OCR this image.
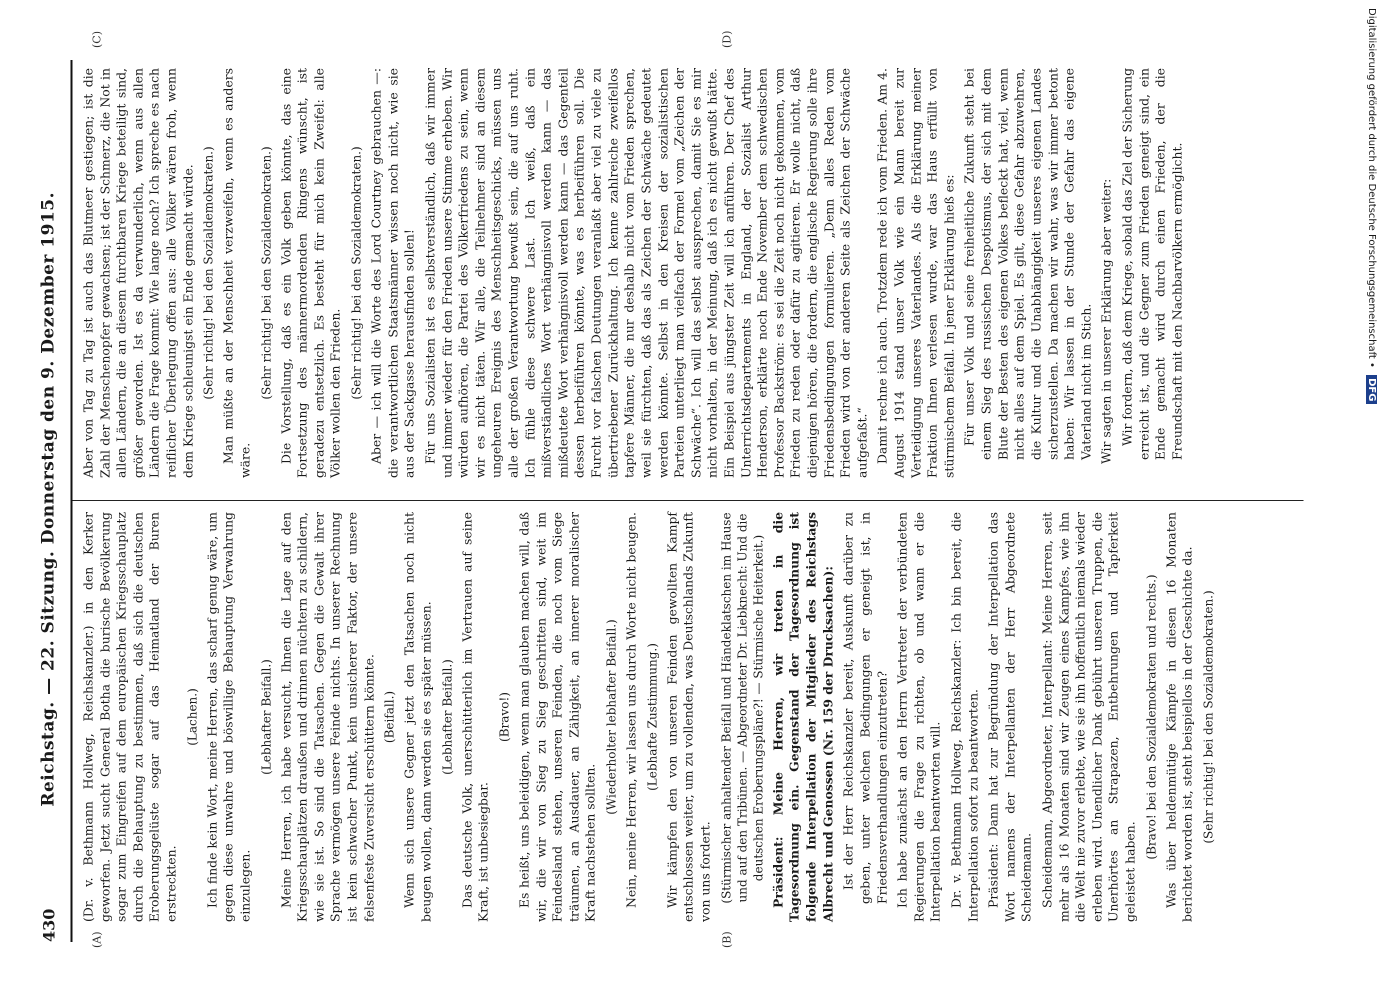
430
Reichstag. — 22. Sitzung. Donnerstag den 9. Dezember 1915.
(A)	(B)
(C)	(D)

(Dr. v. Bethmann Hollweg, Reichskanzler.) in den Kerker geworfen. Jetzt sucht General Botha die burische Bevölkerung sogar zum Eingreifen auf dem europäischen Kriegsschauplatz durch die Behauptung zu bestimmen, daß sich die deutschen Eroberungsgelüste sogar auf das Heimatland der Buren erstreckten.

(Lachen.) Ich finde kein Wort, meine Herren, das scharf genug wäre, um gegen diese unwahre und böswillige Behauptung Verwahrung einzulegen.

(Lebhafter Beifall.) Meine Herren, ich habe versucht, Ihnen die Lage auf den Kriegsschauplätzen draußen und drinnen nüchtern zu schildern, wie sie ist. So sind die Tatsachen. Gegen die Gewalt ihrer Sprache vermögen unsere Feinde nichts. In unserer Rechnung ist kein schwacher Punkt, kein unsicherer Faktor, der unsere felsenfeste Zuversicht erschüttern könnte. (Beifall.) Wenn sich unsere Gegner jetzt den Tatsachen noch nicht beugen wollen, dann werden sie es später müssen. (Lebhafter Beifall.) Das deutsche Volk, unerschütterlich im Vertrauen auf seine Kraft, ist unbesiegbar.

(Bravo!) Es heißt, uns beleidigen, wenn man glauben machen will, daß wir, die wir von Sieg zu Sieg geschritten sind, weit im Feindesland stehen, unseren Feinden, die noch vom Siege träumen, an Ausdauer, an Zähigkeit, an innerer moralischer Kraft nachstehen sollten.

(Wiederholter lebhafter Beifall.) Nein, meine Herren, wir lassen uns durch Worte nicht beugen. (Lebhafte Zustimmung.) Wir kämpfen den von unseren Feinden gewollten Kampf entschlossen weiter, um zu vollenden, was Deutschlands Zukunft von uns fordert. (Stürmischer anhaltender Beifall und Händeklatschen im Hause und auf den Tribünen. — Abgeordneter Dr. Liebknecht: Und die deutschen Eroberungspläne?! — Stürmische Heiterkeit.) Präsident: Meine Herren, wir treten in die Tagesordnung ein. Gegenstand der Tagesordnung ist folgende Interpellation der Mitglieder des Reichstags Albrecht und Genossen (Nr. 159 der Drucksachen): Ist der Herr Reichskanzler bereit, Auskunft darüber zu geben, unter welchen Bedingungen er geneigt ist, in Friedensverhandlungen einzutreten? Ich habe zunächst an den Herrn Vertreter der verbündeten Regierungen die Frage zu richten, ob und wann er die Interpellation beantworten will. Dr. v. Bethmann Hollweg, Reichskanzler: Ich bin bereit, die Interpellation sofort zu beantworten. Präsident: Dann hat zur Begründung der Interpellation das Wort namens der Interpellanten der Herr Abgeordnete Scheidemann. Scheidemann, Abgeordneter, Interpellant: Meine Herren, seit mehr als 16 Monaten sind wir Zeugen eines Kampfes, wie ihn die Welt nie zuvor erlebte, wie sie ihn hoffentlich niemals wieder erleben wird. Unendlicher Dank gebührt unseren Truppen, die Unerhörtes an Strapazen, Entbehrungen und Tapferkeit geleistet haben.

(Bravo! bei den Sozialdemokraten und rechts.) Was über heldenmütige Kämpfe in diesen 16 Monaten berichtet worden ist, steht beispiellos in der Geschichte da. (Sehr richtig! bei den Sozialdemokraten.)

Aber von Tag zu Tag ist auch das Blutmeer gestiegen; ist die Zahl der Menschenopfer gewachsen; ist der Schmerz, die Not in allen Ländern, die an diesem furchtbaren Kriege beteiligt sind, größer geworden. Ist es da verwunderlich, wenn aus allen Ländern die Frage kommt: Wie lange noch? Ich spreche es nach reiflicher Überlegung offen aus: alle Völker wären froh, wenn dem Kriege schleunigst ein Ende gemacht würde. (Sehr richtig! bei den Sozialdemokraten.) Man müßte an der Menschheit verzweifeln, wenn es anders wäre.

(Sehr richtig! bei den Sozialdemokraten.) Die Vorstellung, daß es ein Volk geben könnte, das eine Fortsetzung des männermordenden Ringens wünscht, ist geradezu entsetzlich. Es besteht für mich kein Zweifel: alle Völker wollen den Frieden. (Sehr richtig! bei den Sozialdemokraten.) Aber — ich will die Worte des Lord Courtney gebrauchen —: die verantwortlichen Staatsmänner wissen noch nicht, wie sie aus der Sackgasse herausfinden sollen! Für uns Sozialisten ist es selbstverständlich, daß wir immer und immer wieder für den Frieden unsere Stimme erheben. Wir würden aufhören, die Partei des Völkerfriedens zu sein, wenn wir es nicht täten. Wir alle, die Teilnehmer sind an diesem ungeheuren Ereignis des Menschheitsgeschicks, müssen uns alle der großen Verantwortung bewußt sein, die auf uns ruht. Ich fühle diese schwere Last. Ich weiß, daß ein mißverständliches Wort verhängnisvoll werden kann — das mißdeutete Wort verhängnisvoll werden kann — das Gegenteil dessen herbeiführen könnte, was es herbeiführen soll. Die Furcht vor falschen Deutungen veranlaßt aber viel zu viele zu übertriebener Zurückhaltung. Ich kenne zahlreiche zweifellos tapfere Männer, die nur deshalb nicht vom Frieden sprechen, weil sie fürchten, daß das als Zeichen der Schwäche gedeutet werden könnte. Selbst in den Kreisen der sozialistischen Parteien unterliegt man vielfach der Formel vom „Zeichen der Schwäche“. Ich will das selbst aussprechen, damit Sie es mir nicht vorhalten, in der Meinung, daß ich es nicht gewußt hätte. Ein Beispiel aus jüngster Zeit will ich anführen. Der Chef des Unterrichtsdepartements in England, der Sozialist Arthur Henderson, erklärte noch Ende November dem schwedischen Professor Backström: es sei die Zeit noch nicht gekommen, vom Frieden zu reden oder dafür zu agitieren. Er wolle nicht, daß diejenigen hören, die fordern, die englische Regierung solle ihre Friedensbedingungen formulieren. „Denn alles Reden vom Frieden wird von der anderen Seite als Zeichen der Schwäche aufgefaßt.“ Damit rechne ich auch. Trotzdem rede ich vom Frieden. Am 4. August 1914 stand unser Volk wie ein Mann bereit zur Verteidigung unseres Vaterlandes. Als die Erklärung meiner Fraktion Ihnen verlesen wurde, war das Haus erfüllt von stürmischem Beifall. In jener Erklärung hieß es: Für unser Volk und seine freiheitliche Zukunft steht bei einem Sieg des russischen Despotismus, der sich mit dem Blute der Besten des eigenen Volkes befleckt hat, viel, wenn nicht alles auf dem Spiel. Es gilt, diese Gefahr abzuwehren, die Kultur und die Unabhängigkeit unseres eigenen Landes sicherzustellen. Da machen wir wahr, was wir immer betont haben: Wir lassen in der Stunde der Gefahr das eigene Vaterland nicht im Stich. Wir sagten in unserer Erklärung aber weiter: Wir fordern, daß dem Kriege, sobald das Ziel der Sicherung erreicht ist, und die Gegner zum Frieden geneigt sind, ein Ende gemacht wird durch einen Frieden, der die Freundschaft mit den Nachbarvölkern ermöglicht.	Digitalisierung gefördert durch die Deutsche Forschungsgemeinschaft • DFG
